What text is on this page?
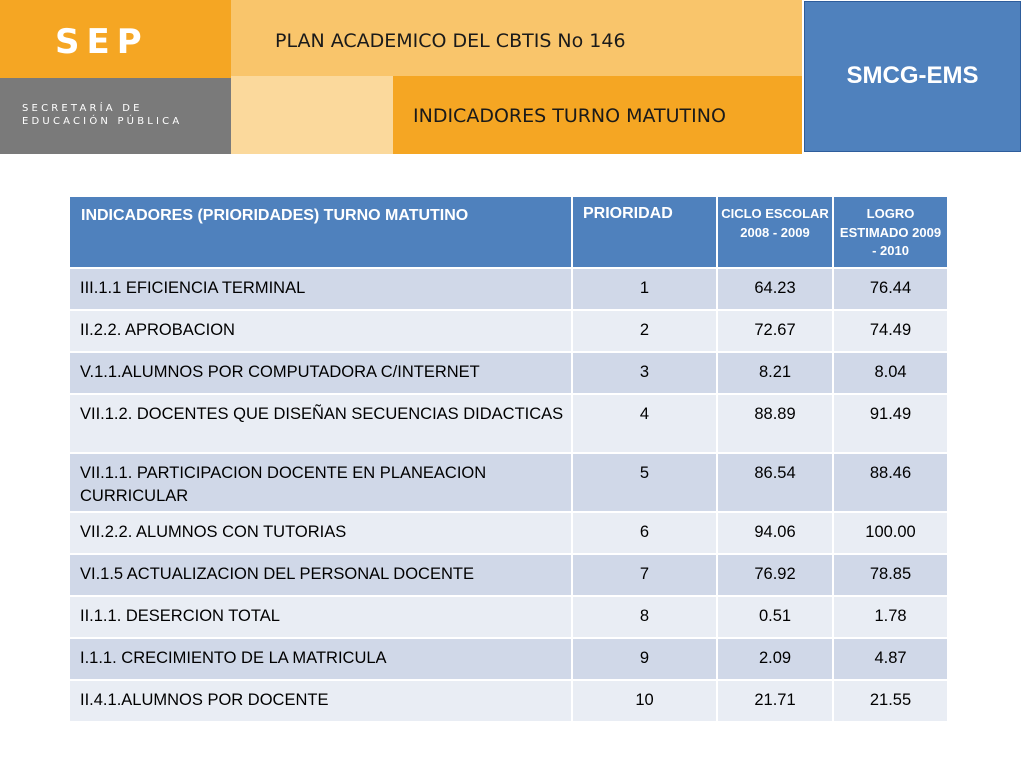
SEP
SECRETARÍA DE
EDUCACIÓN PÚBLICA
PLAN ACADEMICO DEL CBTIS No 146
INDICADORES TURNO MATUTINO
SMCG-EMS
INDICADORES (PRIORIDADES) TURNO MATUTINO	PRIORIDAD	CICLO ESCOLAR 2008 - 2009	LOGRO ESTIMADO 2009 - 2010
III.1.1 EFICIENCIA TERMINAL	1	64.23	76.44
II.2.2. APROBACION	2	72.67	74.49
V.1.1.ALUMNOS POR COMPUTADORA C/INTERNET	3	8.21	8.04
VII.1.2. DOCENTES QUE DISEÑAN SECUENCIAS DIDACTICAS	4	88.89	91.49
VII.1.1. PARTICIPACION DOCENTE EN PLANEACION CURRICULAR	5	86.54	88.46
VII.2.2. ALUMNOS CON TUTORIAS	6	94.06	100.00
VI.1.5 ACTUALIZACION DEL PERSONAL DOCENTE	7	76.92	78.85
II.1.1. DESERCION TOTAL	8	0.51	1.78
I.1.1. CRECIMIENTO DE LA MATRICULA	9	2.09	4.87
II.4.1.ALUMNOS POR DOCENTE	10	21.71	21.55
